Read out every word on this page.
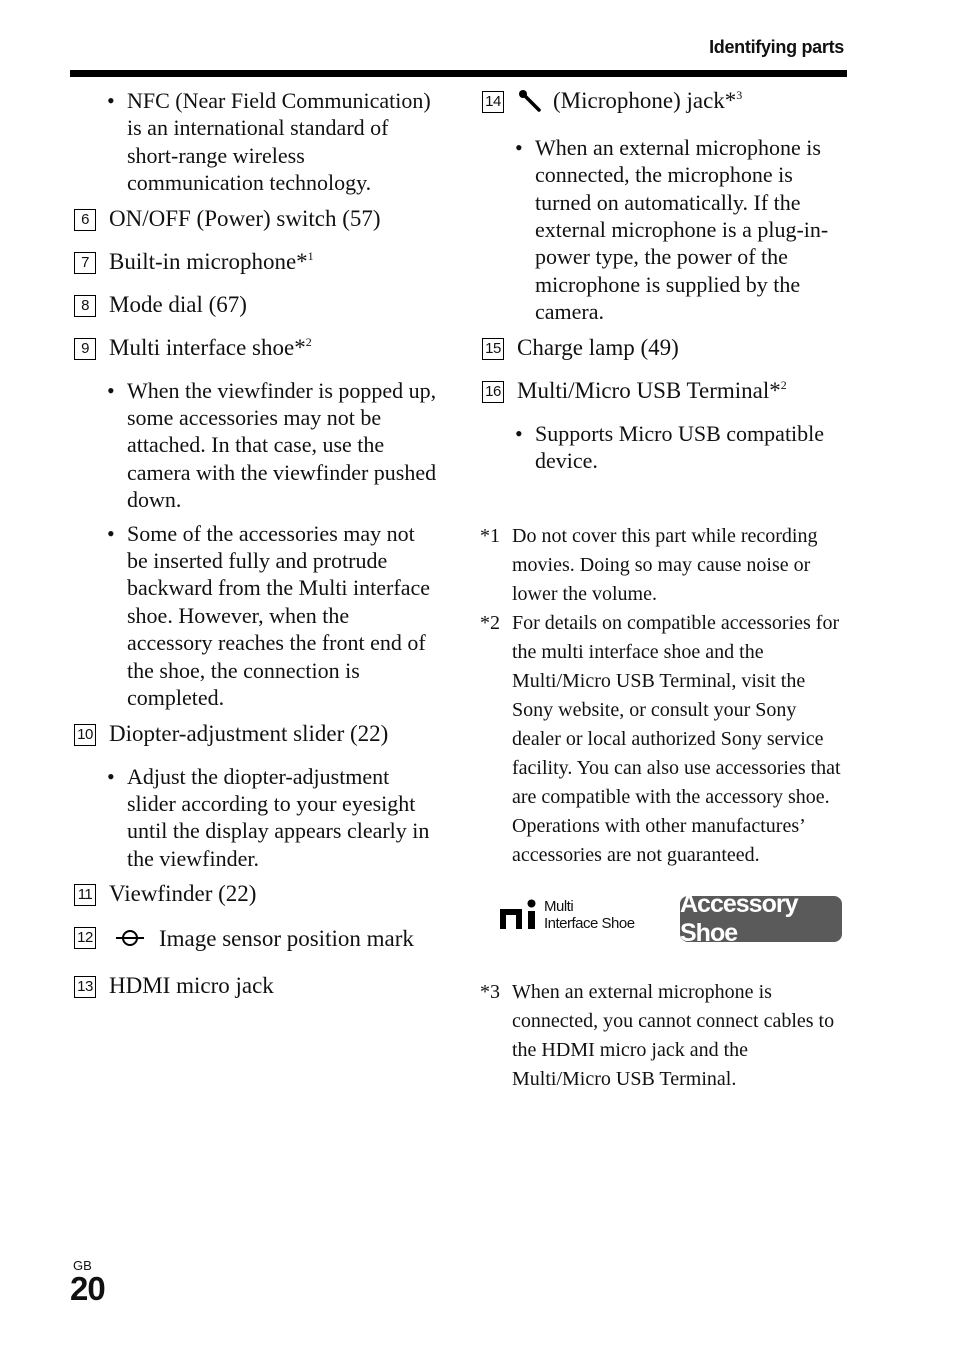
Identifying parts
• NFC (Near Field Communication) is an international standard of short-range wireless communication technology.
6 ON/OFF (Power) switch (57)
7 Built-in microphone*$^1$
8 Mode dial (67)
9 Multi interface shoe*$^2$
• When the viewfinder is popped up, some accessories may not be attached. In that case, use the camera with the viewfinder pushed down.
• Some of the accessories may not be inserted fully and protrude backward from the Multi interface shoe. However, when the accessory reaches the front end of the shoe, the connection is completed.
10 Diopter-adjustment slider (22)
• Adjust the diopter-adjustment slider according to your eyesight until the display appears clearly in the viewfinder.
11 Viewfinder (22)
12	Image sensor position mark
13 HDMI micro jack
14 (Microphone) jack*$^3$
• When an external microphone is connected, the microphone is turned on automatically. If the external microphone is a plug-in-power type, the power of the microphone is supplied by the camera.
15 Charge lamp (49)
16 Multi/Micro USB Terminal*$^2$
• Supports Micro USB compatible device.

*1 Do not cover this part while recording movies. Doing so may cause noise or lower the volume.

*2 For details on compatible accessories for the multi interface shoe and the Multi/Micro USB Terminal, visit the Sony website, or consult your Sony dealer or local authorized Sony service facility. You can also use accessories that are compatible with the accessory shoe. Operations with other manufactures’ accessories are not guaranteed.

Multi
Interface Shoe
Accessory Shoe

*3 When an external microphone is connected, you cannot connect cables to the HDMI micro jack and the Multi/Micro USB Terminal.

GB
20
